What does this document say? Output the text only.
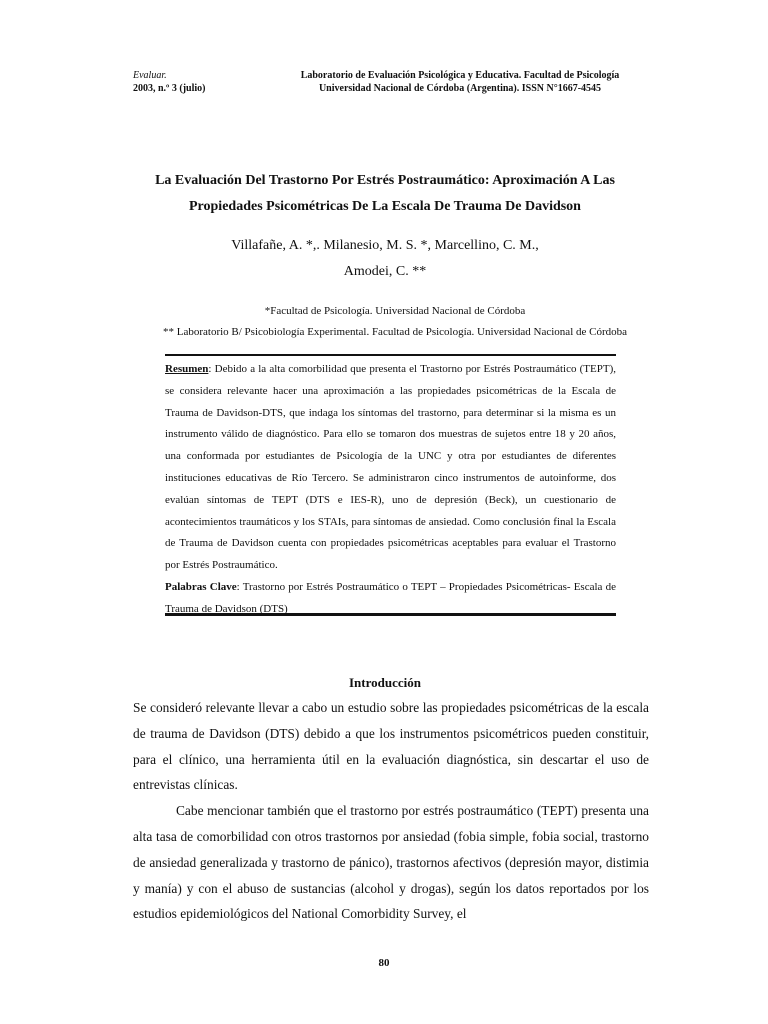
Evaluar.
2003, n.º 3 (julio)
Laboratorio de Evaluación Psicológica y Educativa. Facultad de Psicología
Universidad Nacional de Córdoba (Argentina). ISSN N°1667-4545
La Evaluación Del Trastorno Por Estrés Postraumático: Aproximación A Las
Propiedades Psicométricas De La Escala De Trauma De Davidson
Villafañe, A. *,. Milanesio, M. S. *, Marcellino, C. M.,
Amodei, C. **
*Facultad de Psicología. Universidad Nacional de Córdoba
** Laboratorio B/ Psicobiología Experimental. Facultad de Psicología. Universidad Nacional de Córdoba
Resumen: Debido a la alta comorbilidad que presenta el Trastorno por Estrés Postraumático (TEPT), se considera relevante hacer una aproximación a las propiedades psicométricas de la Escala de Trauma de Davidson-DTS, que indaga los síntomas del trastorno, para determinar si la misma es un instrumento válido de diagnóstico. Para ello se tomaron dos muestras de sujetos entre 18 y 20 años, una conformada por estudiantes de Psicología de la UNC y otra por estudiantes de diferentes instituciones educativas de Río Tercero. Se administraron cinco instrumentos de autoinforme, dos evalúan síntomas de TEPT (DTS e IES-R), uno de depresión (Beck), un cuestionario de acontecimientos traumáticos y los STAIs, para síntomas de ansiedad. Como conclusión final la Escala de Trauma de Davidson cuenta con propiedades psicométricas aceptables para evaluar el Trastorno por Estrés Postraumático.
Palabras Clave: Trastorno por Estrés Postraumático o TEPT – Propiedades Psicométricas- Escala de Trauma de Davidson (DTS)
Introducción

Se consideró relevante llevar a cabo un estudio sobre las propiedades psicométricas de la escala de trauma de Davidson (DTS) debido a que los instrumentos psicométricos pueden constituir, para el clínico, una herramienta útil en la evaluación diagnóstica, sin descartar el uso de entrevistas clínicas.

Cabe mencionar también que el trastorno por estrés postraumático (TEPT) presenta una alta tasa de comorbilidad con otros trastornos por ansiedad (fobia simple, fobia social, trastorno de ansiedad generalizada y trastorno de pánico), trastornos afectivos (depresión mayor, distimia y manía) y con el abuso de sustancias (alcohol y drogas), según los datos reportados por los estudios epidemiológicos del National Comorbidity Survey, el

80
